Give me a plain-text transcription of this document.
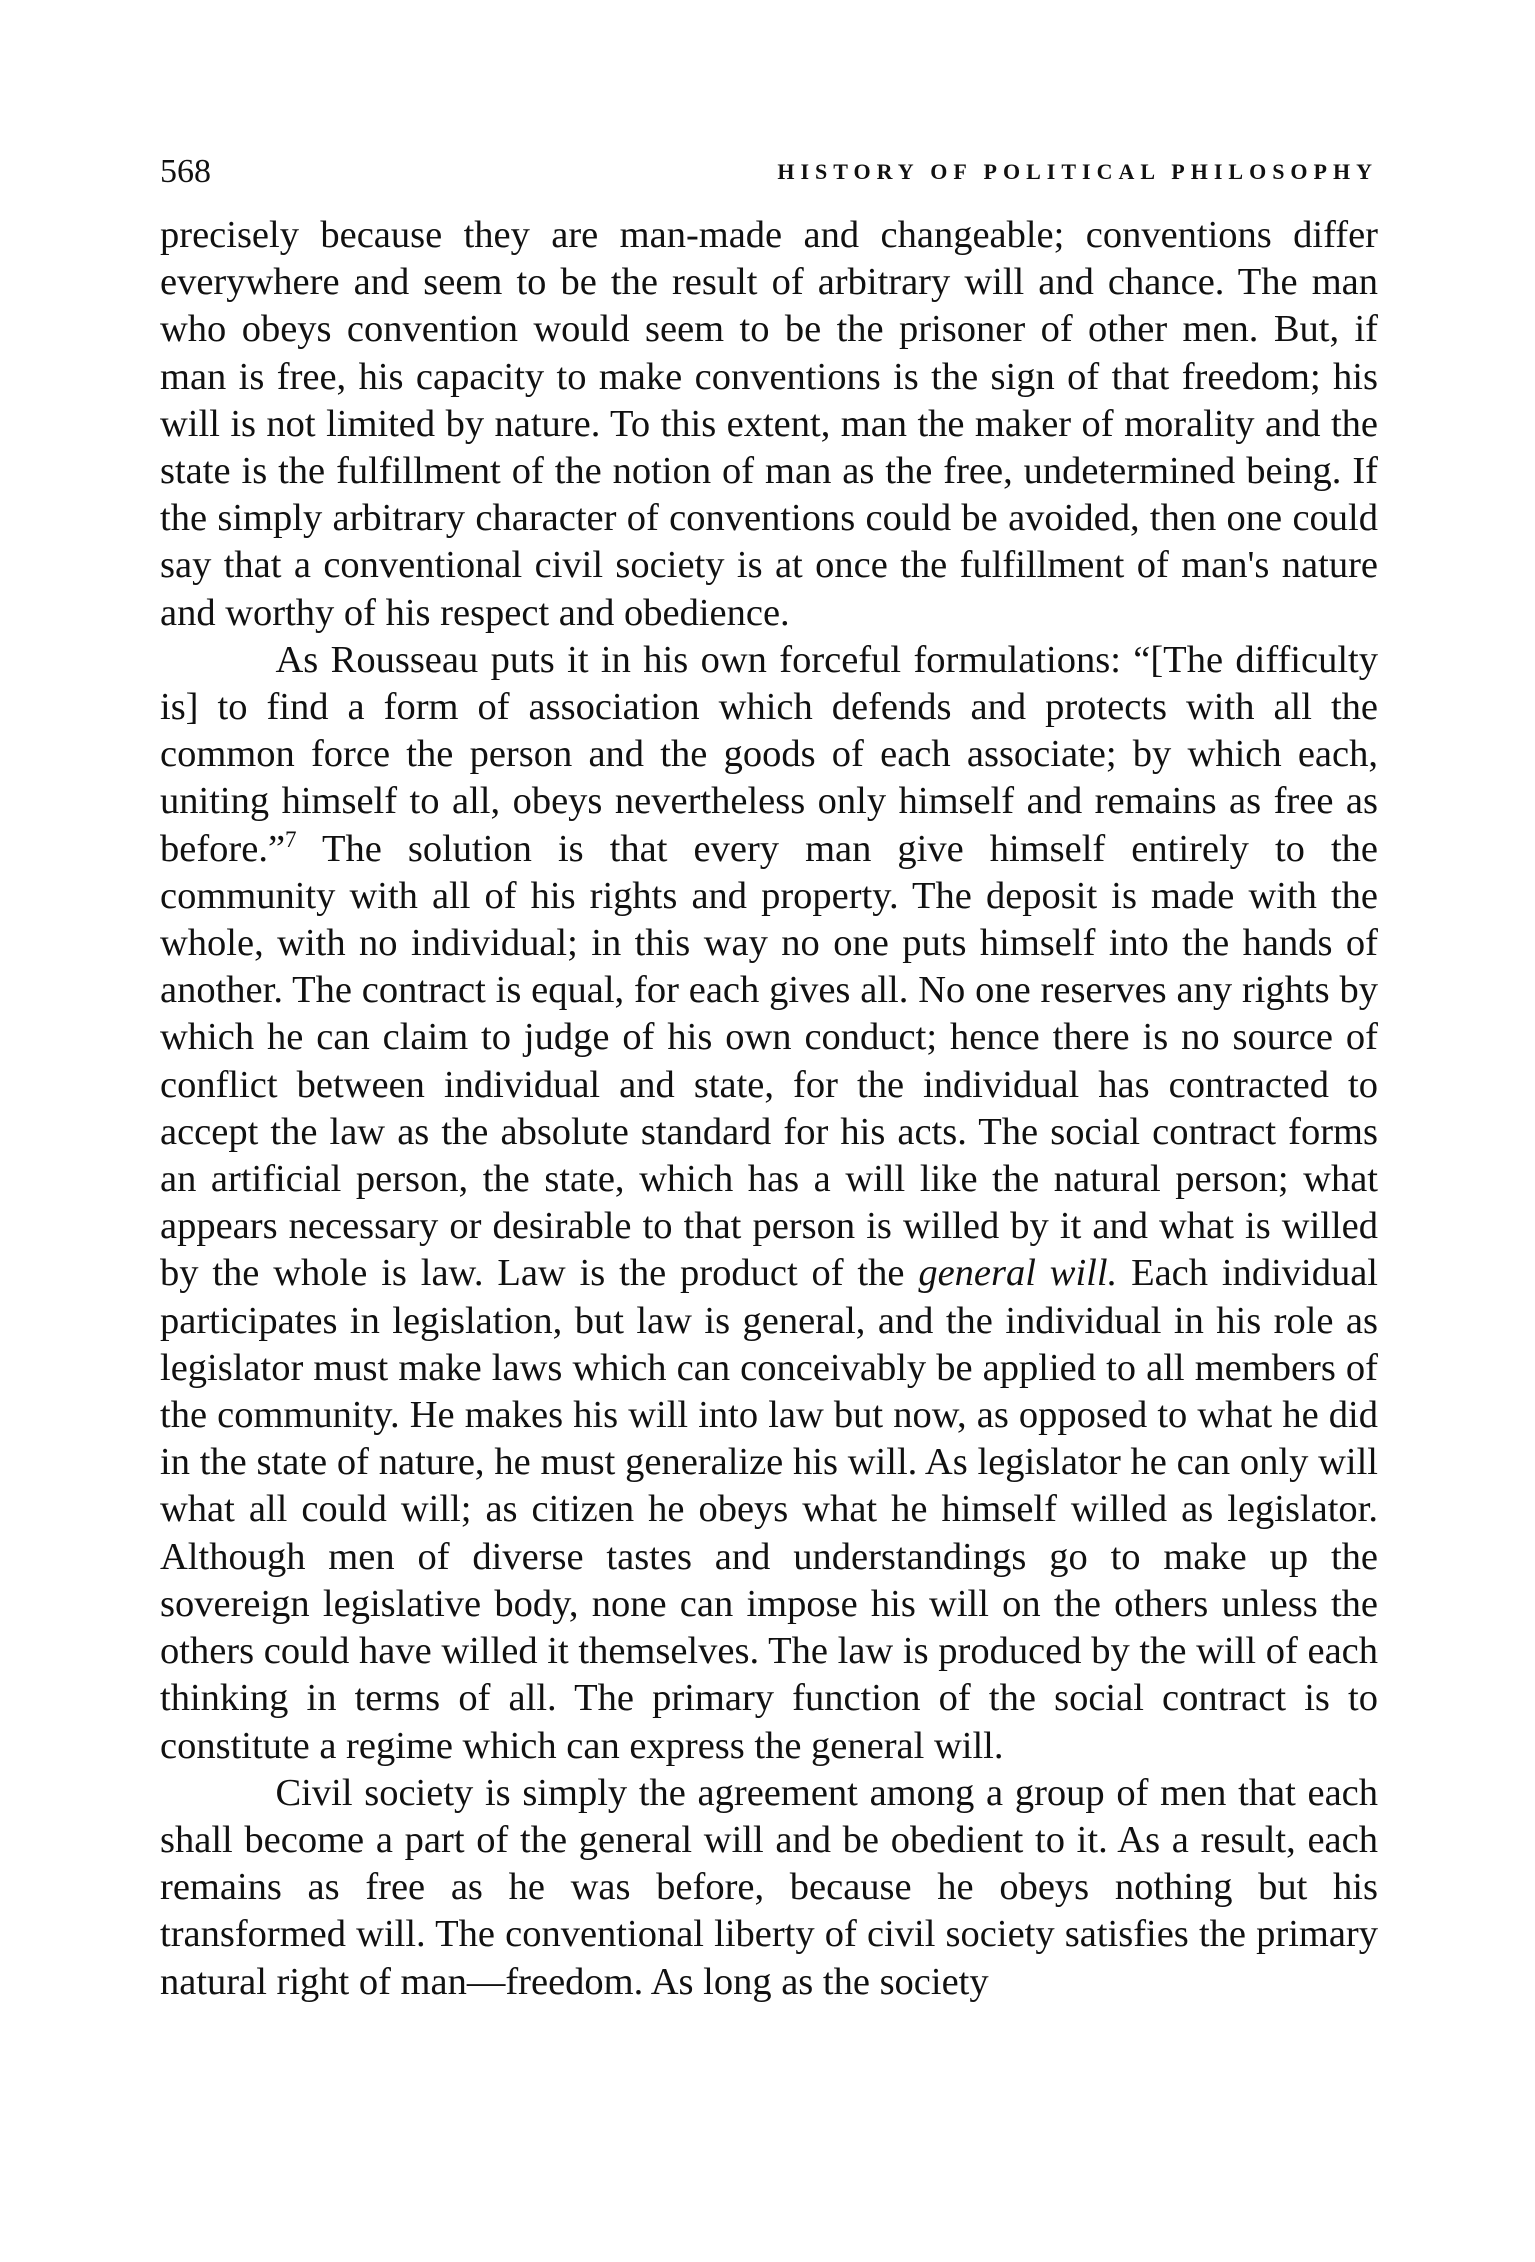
568	HISTORY OF POLITICAL PHILOSOPHY

precisely because they are man-made and changeable; conventions differ everywhere and seem to be the result of arbitrary will and chance. The man who obeys convention would seem to be the prisoner of other men. But, if man is free, his capacity to make conventions is the sign of that freedom; his will is not limited by nature. To this extent, man the maker of morality and the state is the fulfillment of the notion of man as the free, undetermined being. If the simply arbitrary character of conventions could be avoided, then one could say that a conventional civil society is at once the fulfillment of man's nature and worthy of his respect and obedience.

As Rousseau puts it in his own forceful formulations: “[The difficulty is] to find a form of association which defends and protects with all the common force the person and the goods of each associate; by which each, uniting himself to all, obeys nevertheless only himself and remains as free as before.”$^7$ The solution is that every man give himself entirely to the community with all of his rights and property. The deposit is made with the whole, with no individual; in this way no one puts himself into the hands of another. The contract is equal, for each gives all. No one reserves any rights by which he can claim to judge of his own conduct; hence there is no source of conflict between individual and state, for the individual has contracted to accept the law as the absolute standard for his acts. The social contract forms an artificial person, the state, which has a will like the natural person; what appears necessary or desirable to that person is willed by it and what is willed by the whole is law. Law is the product of the general will. Each individual participates in legislation, but law is general, and the individual in his role as legislator must make laws which can conceivably be applied to all members of the community. He makes his will into law but now, as opposed to what he did in the state of nature, he must generalize his will. As legislator he can only will what all could will; as citizen he obeys what he himself willed as legislator. Although men of diverse tastes and understandings go to make up the sovereign legislative body, none can impose his will on the others unless the others could have willed it themselves. The law is produced by the will of each thinking in terms of all. The primary function of the social contract is to constitute a regime which can express the general will.

Civil society is simply the agreement among a group of men that each shall become a part of the general will and be obedient to it. As a result, each remains as free as he was before, because he obeys nothing but his transformed will. The conventional liberty of civil society satisfies the primary natural right of man—freedom. As long as the society
